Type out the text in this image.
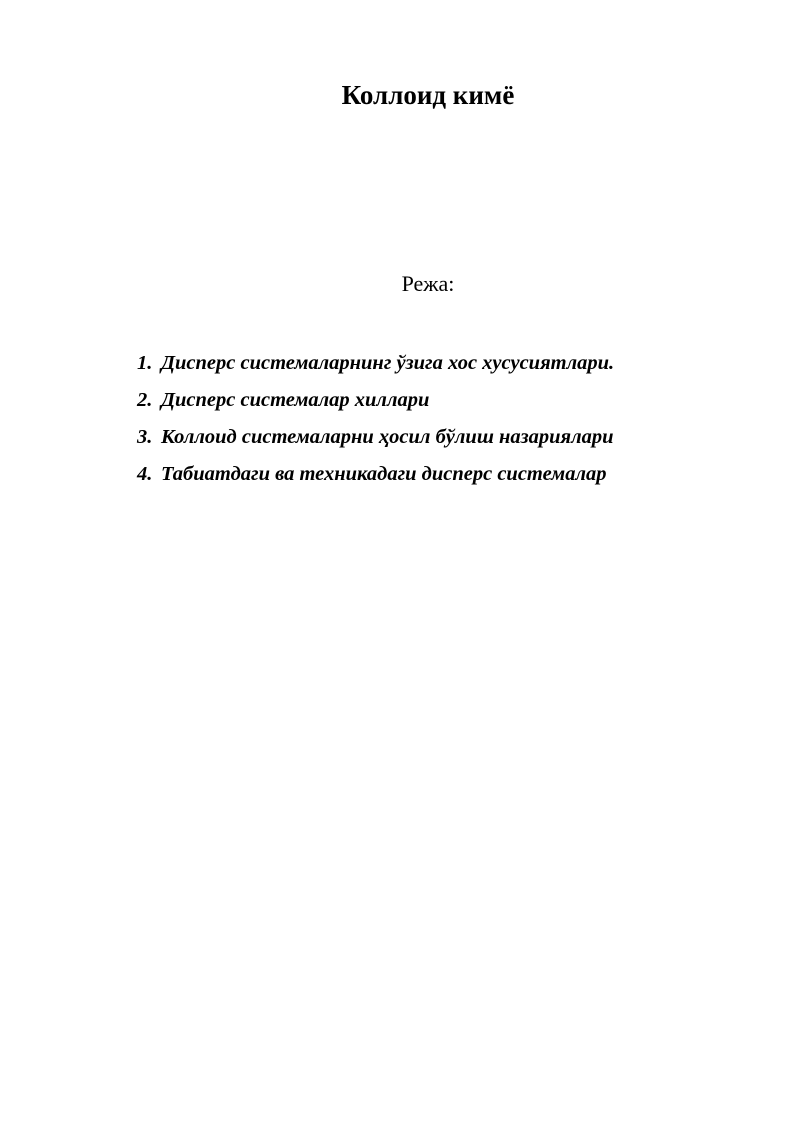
Коллоид кимё
Режа:
1. Дисперс системаларнинг ўзига хос хусусиятлари.
2. Дисперс системалар хиллари
3. Коллоид системаларни ҳосил бўлиш назариялари
4. Табиатдаги ва техникадаги дисперс системалар
